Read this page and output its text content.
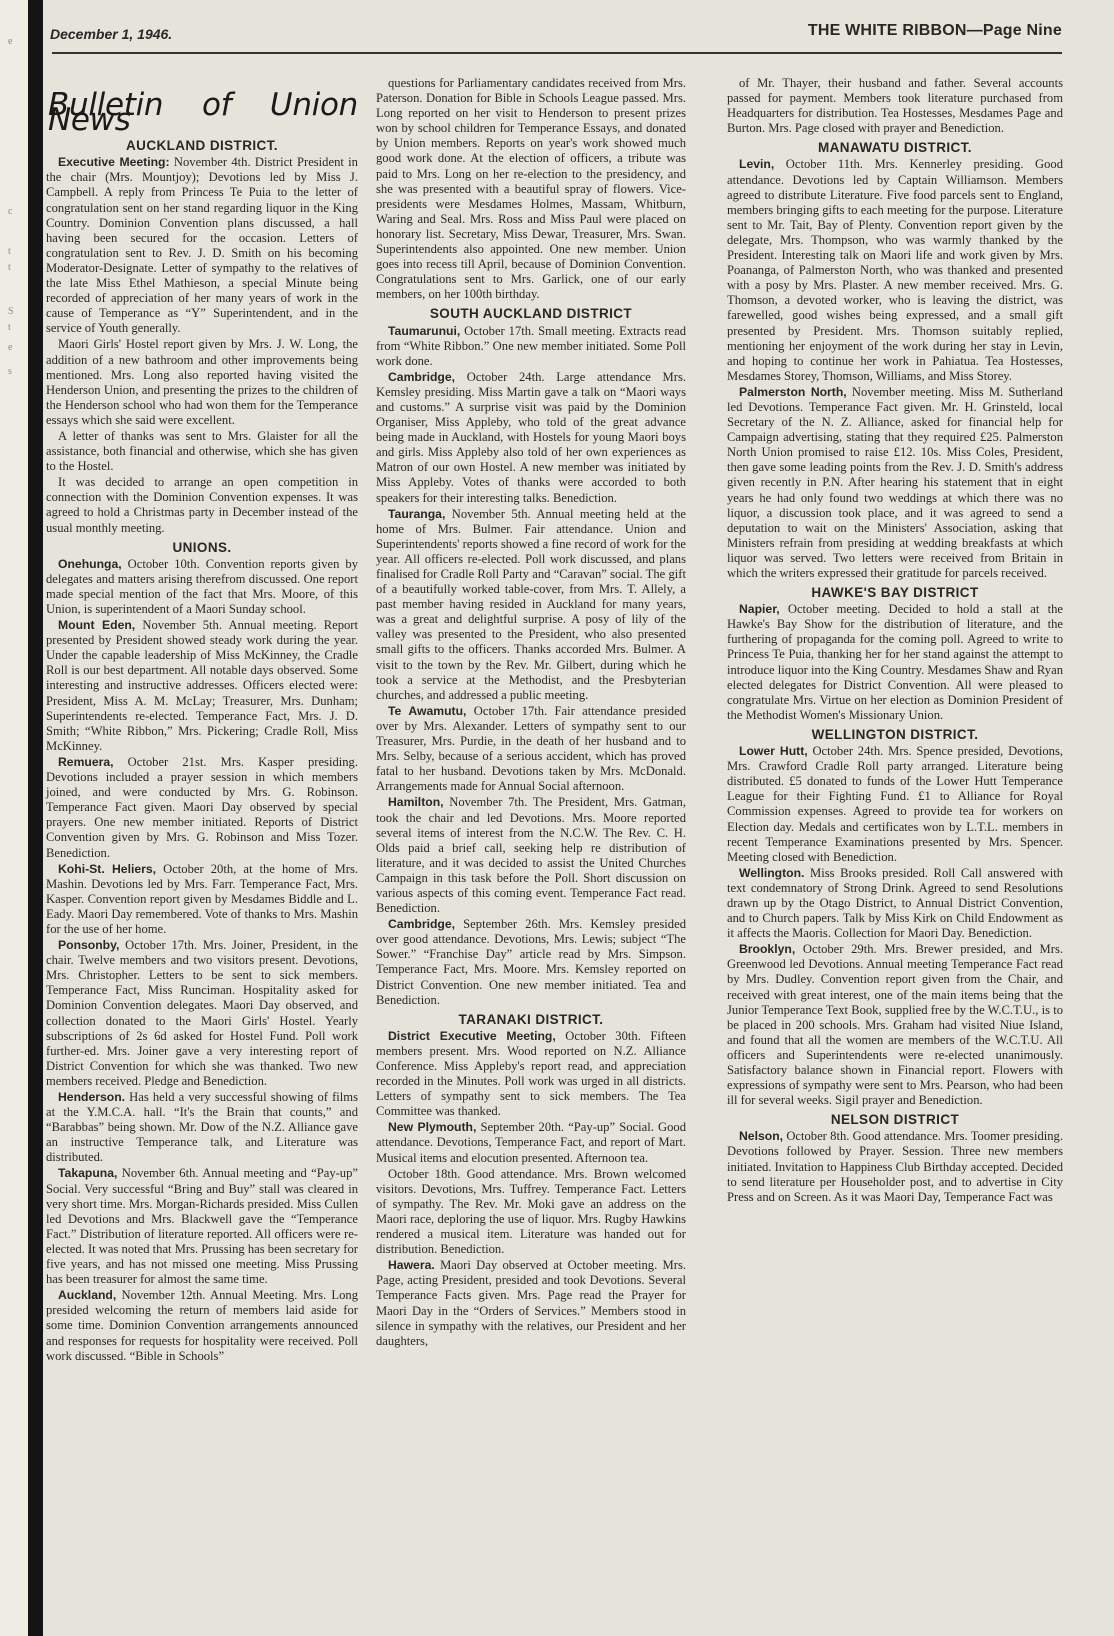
e
c
t
t
S
t
e
s
December 1, 1946.	THE WHITE RIBBON—Page Nine
Bulletin of Union News
AUCKLAND DISTRICT.

Executive Meeting: November 4th. District President in the chair (Mrs. Mountjoy); Devotions led by Miss J. Campbell. A reply from Princess Te Puia to the letter of congratulation sent on her stand regarding liquor in the King Country. Dominion Convention plans discussed, a hall having been secured for the occasion. Letters of congratulation sent to Rev. J. D. Smith on his becoming Moderator-Designate. Letter of sympathy to the relatives of the late Miss Ethel Mathieson, a special Minute being recorded of appreciation of her many years of work in the cause of Temperance as “Y” Superintendent, and in the service of Youth generally.

Maori Girls' Hostel report given by Mrs. J. W. Long, the addition of a new bathroom and other improvements being mentioned. Mrs. Long also reported having visited the Henderson Union, and presenting the prizes to the children of the Henderson school who had won them for the Temperance essays which she said were excellent.

A letter of thanks was sent to Mrs. Glaister for all the assistance, both financial and otherwise, which she has given to the Hostel.

It was decided to arrange an open competition in connection with the Dominion Convention expenses. It was agreed to hold a Christmas party in December instead of the usual monthly meeting.

UNIONS.

Onehunga, October 10th. Convention reports given by delegates and matters arising therefrom discussed. One report made special mention of the fact that Mrs. Moore, of this Union, is superintendent of a Maori Sunday school.

Mount Eden, November 5th. Annual meeting. Report presented by President showed steady work during the year. Under the capable leadership of Miss McKinney, the Cradle Roll is our best department. All notable days observed. Some interesting and instructive addresses. Officers elected were: President, Miss A. M. McLay; Treasurer, Mrs. Dunham; Superintendents re-elected. Temperance Fact, Mrs. J. D. Smith; “White Ribbon,” Mrs. Pickering; Cradle Roll, Miss McKinney.

Remuera, October 21st. Mrs. Kasper presiding. Devotions included a prayer session in which members joined, and were conducted by Mrs. G. Robinson. Temperance Fact given. Maori Day observed by special prayers. One new member initiated. Reports of District Convention given by Mrs. G. Robinson and Miss Tozer. Benediction.

Kohi-St. Heliers, October 20th, at the home of Mrs. Mashin. Devotions led by Mrs. Farr. Temperance Fact, Mrs. Kasper. Convention report given by Mesdames Biddle and L. Eady. Maori Day remembered. Vote of thanks to Mrs. Mashin for the use of her home.

Ponsonby, October 17th. Mrs. Joiner, President, in the chair. Twelve members and two visitors present. Devotions, Mrs. Christopher. Letters to be sent to sick members. Temperance Fact, Miss Runciman. Hospitality asked for Dominion Convention delegates. Maori Day observed, and collection donated to the Maori Girls' Hostel. Yearly subscriptions of 2s 6d asked for Hostel Fund. Poll work further-ed. Mrs. Joiner gave a very interesting report of District Convention for which she was thanked. Two new members received. Pledge and Benediction.

Henderson. Has held a very successful showing of films at the Y.M.C.A. hall. “It's the Brain that counts,” and “Barabbas” being shown. Mr. Dow of the N.Z. Alliance gave an instructive Temperance talk, and Literature was distributed.

Takapuna, November 6th. Annual meeting and “Pay-up” Social. Very successful “Bring and Buy” stall was cleared in very short time. Mrs. Morgan-Richards presided. Miss Cullen led Devotions and Mrs. Blackwell gave the “Temperance Fact.” Distribution of literature reported. All officers were re-elected. It was noted that Mrs. Prussing has been secretary for five years, and has not missed one meeting. Miss Prussing has been treasurer for almost the same time.

Auckland, November 12th. Annual Meeting. Mrs. Long presided welcoming the return of members laid aside for some time. Dominion Convention arrangements announced and responses for requests for hospitality were received. Poll work discussed. “Bible in Schools”

questions for Parliamentary candidates received from Mrs. Paterson. Donation for Bible in Schools League passed. Mrs. Long reported on her visit to Henderson to present prizes won by school children for Temperance Essays, and donated by Union members. Reports on year's work showed much good work done. At the election of officers, a tribute was paid to Mrs. Long on her re-election to the presidency, and she was presented with a beautiful spray of flowers. Vice-presidents were Mesdames Holmes, Massam, Whitburn, Waring and Seal. Mrs. Ross and Miss Paul were placed on honorary list. Secretary, Miss Dewar, Treasurer, Mrs. Swan. Superintendents also appointed. One new member. Union goes into recess till April, because of Dominion Convention. Congratulations sent to Mrs. Garlick, one of our early members, on her 100th birthday.

SOUTH AUCKLAND DISTRICT

Taumarunui, October 17th. Small meeting. Extracts read from “White Ribbon.” One new member initiated. Some Poll work done.

Cambridge, October 24th. Large attendance Mrs. Kemsley presiding. Miss Martin gave a talk on “Maori ways and customs.” A surprise visit was paid by the Dominion Organiser, Miss Appleby, who told of the great advance being made in Auckland, with Hostels for young Maori boys and girls. Miss Appleby also told of her own experiences as Matron of our own Hostel. A new member was initiated by Miss Appleby. Votes of thanks were accorded to both speakers for their interesting talks. Benediction.

Tauranga, November 5th. Annual meeting held at the home of Mrs. Bulmer. Fair attendance. Union and Superintendents' reports showed a fine record of work for the year. All officers re-elected. Poll work discussed, and plans finalised for Cradle Roll Party and “Caravan” social. The gift of a beautifully worked table-cover, from Mrs. T. Allely, a past member having resided in Auckland for many years, was a great and delightful surprise. A posy of lily of the valley was presented to the President, who also presented small gifts to the officers. Thanks accorded Mrs. Bulmer. A visit to the town by the Rev. Mr. Gilbert, during which he took a service at the Methodist, and the Presbyterian churches, and addressed a public meeting.

Te Awamutu, October 17th. Fair attendance presided over by Mrs. Alexander. Letters of sympathy sent to our Treasurer, Mrs. Purdie, in the death of her husband and to Mrs. Selby, because of a serious accident, which has proved fatal to her husband. Devotions taken by Mrs. McDonald. Arrangements made for Annual Social afternoon.

Hamilton, November 7th. The President, Mrs. Gatman, took the chair and led Devotions. Mrs. Moore reported several items of interest from the N.C.W. The Rev. C. H. Olds paid a brief call, seeking help re distribution of literature, and it was decided to assist the United Churches Campaign in this task before the Poll. Short discussion on various aspects of this coming event. Temperance Fact read. Benediction.

Cambridge, September 26th. Mrs. Kemsley presided over good attendance. Devotions, Mrs. Lewis; subject “The Sower.” “Franchise Day” article read by Mrs. Simpson. Temperance Fact, Mrs. Moore. Mrs. Kemsley reported on District Convention. One new member initiated. Tea and Benediction.

TARANAKI DISTRICT.

District Executive Meeting, October 30th. Fifteen members present. Mrs. Wood reported on N.Z. Alliance Conference. Miss Appleby's report read, and appreciation recorded in the Minutes. Poll work was urged in all districts. Letters of sympathy sent to sick members. The Tea Committee was thanked.

New Plymouth, September 20th. “Pay-up” Social. Good attendance. Devotions, Temperance Fact, and report of Mart. Musical items and elocution presented. Afternoon tea.

October 18th. Good attendance. Mrs. Brown welcomed visitors. Devotions, Mrs. Tuffrey. Temperance Fact. Letters of sympathy. The Rev. Mr. Moki gave an address on the Maori race, deploring the use of liquor. Mrs. Rugby Hawkins rendered a musical item. Literature was handed out for distribution. Benediction.

Hawera. Maori Day observed at October meeting. Mrs. Page, acting President, presided and took Devotions. Several Temperance Facts given. Mrs. Page read the Prayer for Maori Day in the “Orders of Services.” Members stood in silence in sympathy with the relatives, our President and her daughters,

of Mr. Thayer, their husband and father. Several accounts passed for payment. Members took literature purchased from Headquarters for distribution. Tea Hostesses, Mesdames Page and Burton. Mrs. Page closed with prayer and Benediction.

MANAWATU DISTRICT.

Levin, October 11th. Mrs. Kennerley presiding. Good attendance. Devotions led by Captain Williamson. Members agreed to distribute Literature. Five food parcels sent to England, members bringing gifts to each meeting for the purpose. Literature sent to Mr. Tait, Bay of Plenty. Convention report given by the delegate, Mrs. Thompson, who was warmly thanked by the President. Interesting talk on Maori life and work given by Mrs. Poananga, of Palmerston North, who was thanked and presented with a posy by Mrs. Plaster. A new member received. Mrs. G. Thomson, a devoted worker, who is leaving the district, was farewelled, good wishes being expressed, and a small gift presented by President. Mrs. Thomson suitably replied, mentioning her enjoyment of the work during her stay in Levin, and hoping to continue her work in Pahiatua. Tea Hostesses, Mesdames Storey, Thomson, Williams, and Miss Storey.

Palmerston North, November meeting. Miss M. Sutherland led Devotions. Temperance Fact given. Mr. H. Grinsteld, local Secretary of the N. Z. Alliance, asked for financial help for Campaign advertising, stating that they required £25. Palmerston North Union promised to raise £12. 10s. Miss Coles, President, then gave some leading points from the Rev. J. D. Smith's address given recently in P.N. After hearing his statement that in eight years he had only found two weddings at which there was no liquor, a discussion took place, and it was agreed to send a deputation to wait on the Ministers' Association, asking that Ministers refrain from presiding at wedding breakfasts at which liquor was served. Two letters were received from Britain in which the writers expressed their gratitude for parcels received.

HAWKE'S BAY DISTRICT

Napier, October meeting. Decided to hold a stall at the Hawke's Bay Show for the distribution of literature, and the furthering of propaganda for the coming poll. Agreed to write to Princess Te Puia, thanking her for her stand against the attempt to introduce liquor into the King Country. Mesdames Shaw and Ryan elected delegates for District Convention. All were pleased to congratulate Mrs. Virtue on her election as Dominion President of the Methodist Women's Missionary Union.

WELLINGTON DISTRICT.

Lower Hutt, October 24th. Mrs. Spence presided, Devotions, Mrs. Crawford Cradle Roll party arranged. Literature being distributed. £5 donated to funds of the Lower Hutt Temperance League for their Fighting Fund. £1 to Alliance for Royal Commission expenses. Agreed to provide tea for workers on Election day. Medals and certificates won by L.T.L. members in recent Temperance Examinations presented by Mrs. Spencer. Meeting closed with Benediction.

Wellington. Miss Brooks presided. Roll Call answered with text condemnatory of Strong Drink. Agreed to send Resolutions drawn up by the Otago District, to Annual District Convention, and to Church papers. Talk by Miss Kirk on Child Endowment as it affects the Maoris. Collection for Maori Day. Benediction.

Brooklyn, October 29th. Mrs. Brewer presided, and Mrs. Greenwood led Devotions. Annual meeting Temperance Fact read by Mrs. Dudley. Convention report given from the Chair, and received with great interest, one of the main items being that the Junior Temperance Text Book, supplied free by the W.C.T.U., is to be placed in 200 schools. Mrs. Graham had visited Niue Island, and found that all the women are members of the W.C.T.U. All officers and Superintendents were re-elected unanimously. Satisfactory balance shown in Financial report. Flowers with expressions of sympathy were sent to Mrs. Pearson, who had been ill for several weeks. Sigil prayer and Benediction.

NELSON DISTRICT

Nelson, October 8th. Good attendance. Mrs. Toomer presiding. Devotions followed by Prayer. Session. Three new members initiated. Invitation to Happiness Club Birthday accepted. Decided to send literature per Householder post, and to advertise in City Press and on Screen. As it was Maori Day, Temperance Fact was
